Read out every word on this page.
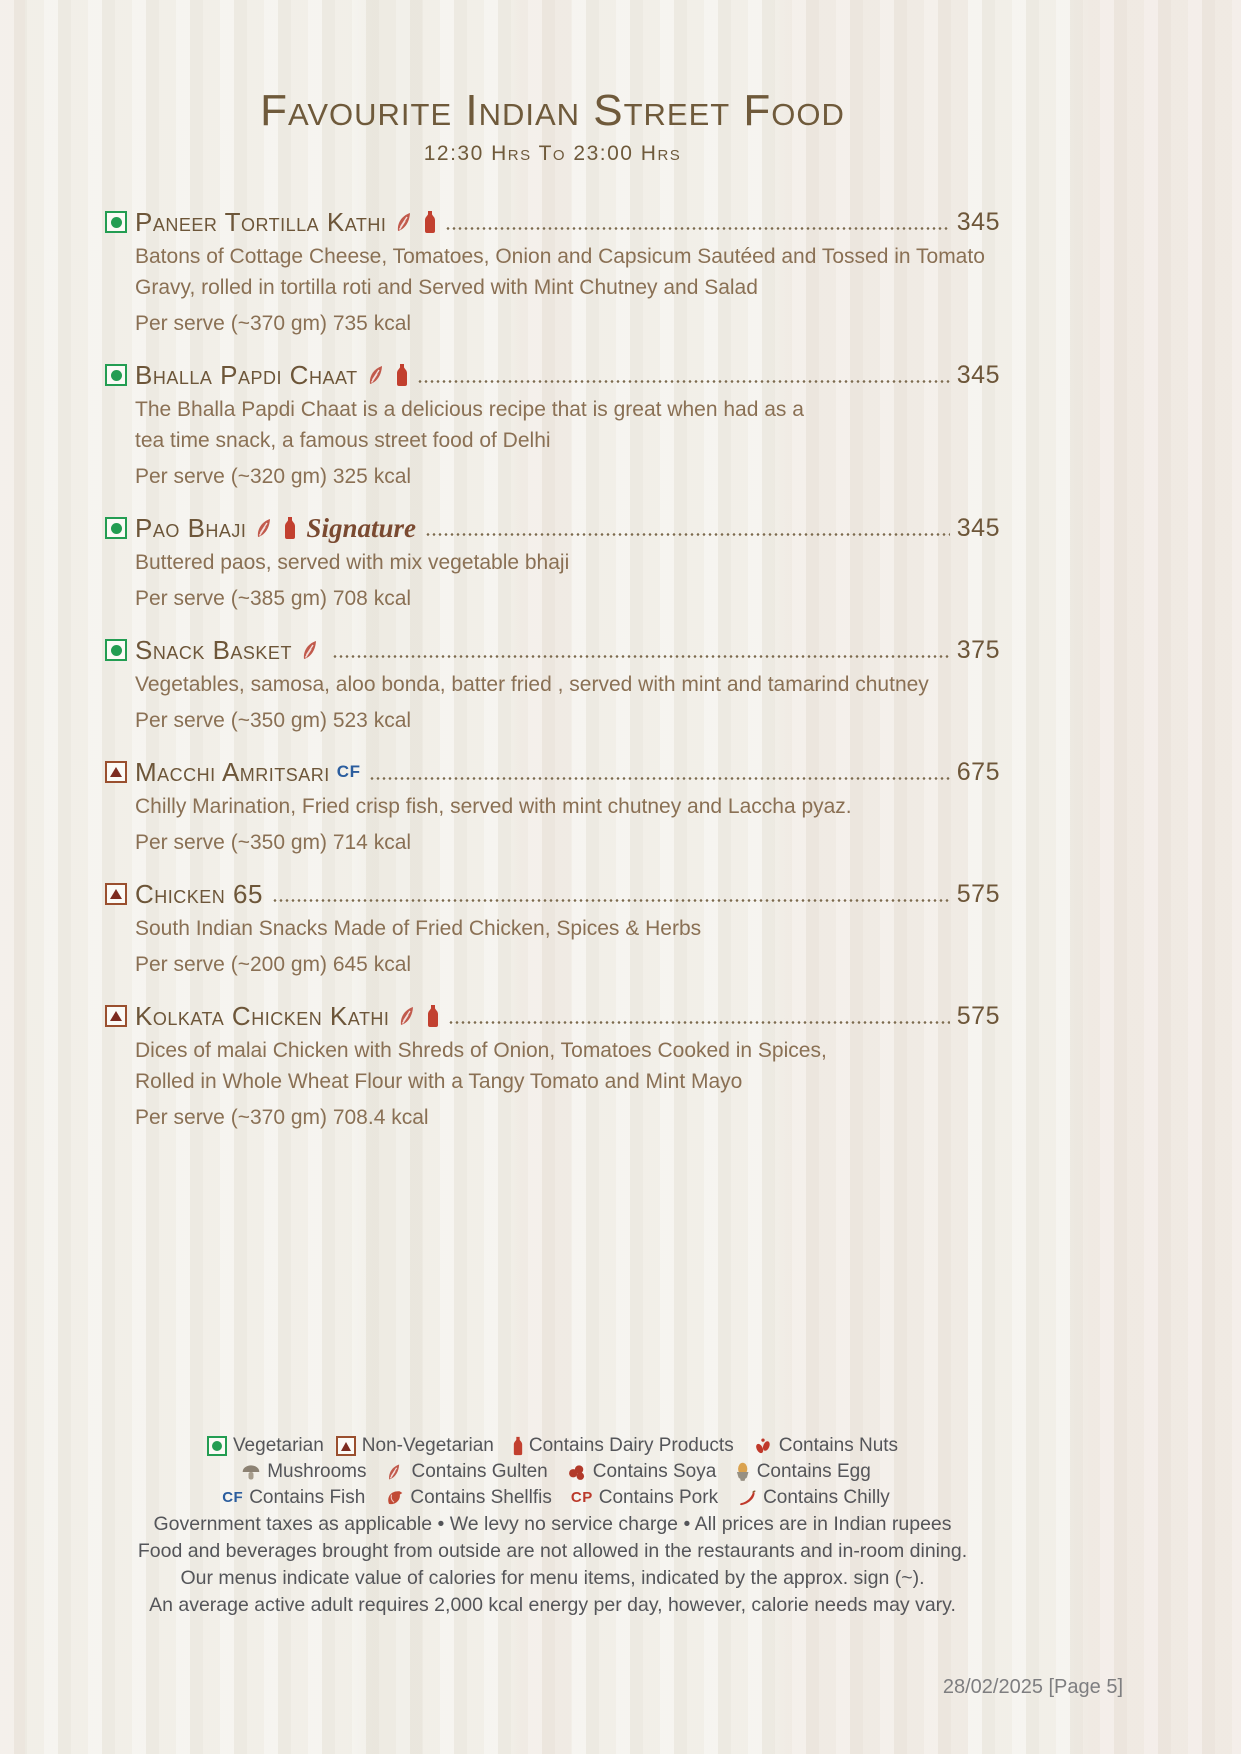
Favourite Indian Street Food
12:30 Hrs To 23:00 Hrs
Paneer Tortilla Kathi	345
Batons of Cottage Cheese, Tomatoes, Onion and Capsicum Sautéed and Tossed in Tomato
Gravy, rolled in tortilla roti and Served with Mint Chutney and Salad
Per serve (~370 gm) 735 kcal
Bhalla Papdi Chaat	345
The Bhalla Papdi Chaat is a delicious recipe that is great when had as a
tea time snack, a famous street food of Delhi
Per serve (~320 gm) 325 kcal
Pao Bhaji Signature	345
Buttered paos, served with mix vegetable bhaji
Per serve (~385 gm) 708 kcal
Snack Basket	375
Vegetables, samosa, aloo bonda, batter fried , served with mint and tamarind chutney
Per serve (~350 gm) 523 kcal
Macchi Amritsari CF	675
Chilly Marination, Fried crisp fish, served with mint chutney and Laccha pyaz.
Per serve (~350 gm) 714 kcal
Chicken 65	575
South Indian Snacks Made of Fried Chicken, Spices & Herbs
Per serve (~200 gm) 645 kcal
Kolkata Chicken Kathi	575
Dices of malai Chicken with Shreds of Onion, Tomatoes Cooked in Spices,
Rolled in Whole Wheat Flour with a Tangy Tomato and Mint Mayo
Per serve (~370 gm) 708.4 kcal
Vegetarian Non-Vegetarian Contains Dairy Products Contains Nuts
Mushrooms Contains Gulten Contains Soya Contains Egg
CF Contains Fish Contains Shellfis CP Contains Pork Contains Chilly
Government taxes as applicable • We levy no service charge • All prices are in Indian rupees
Food and beverages brought from outside are not allowed in the restaurants and in-room dining.
Our menus indicate value of calories for menu items, indicated by the approx. sign (~).
An average active adult requires 2,000 kcal energy per day, however, calorie needs may vary.
28/02/2025 [Page 5]
